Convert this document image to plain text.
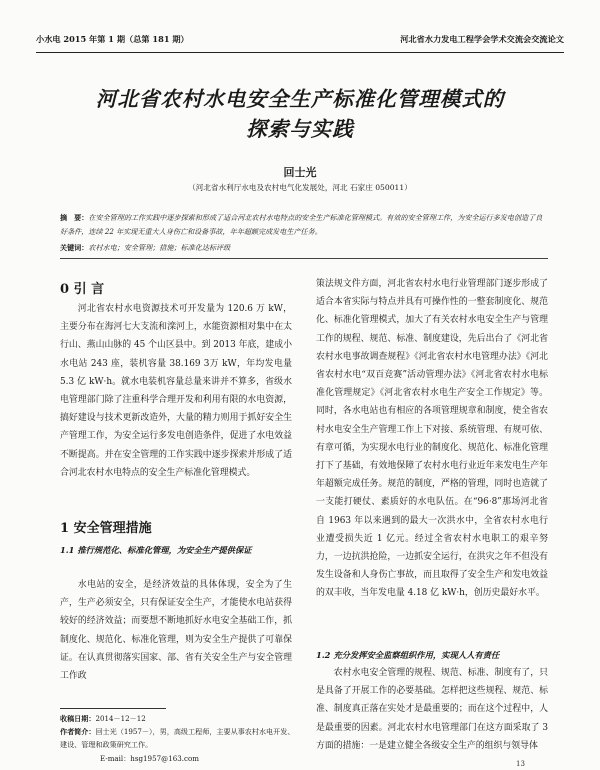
小水电 2015 年第 1 期（总第 181 期）	河北省水力发电工程学会学术交流会交流论文
河北省农村水电安全生产标准化管理模式的
探索与实践
回士光
（河北省水利厅水电及农村电气化发展处，河北 石家庄 050011）
摘　要：在安全管理的工作实践中逐步探索和形成了适合河北农村水电特点的安全生产标准化管理模式。有效的安全管理工作，为安全运行多发电创造了良好条件，连续 22 年实现无重大人身伤亡和设备事故，年年超额完成发电生产任务。
关键词：农村水电；安全管理；措施；标准化达标评级
0 引 言
河北省农村水电资源技术可开发量为 120.6 万 kW，主要分布在海河七大支流和滦河上，水能资源相对集中在太行山、燕山山脉的 45 个山区县中。到 2013 年底，建成小水电站 243 座，装机容量 38.169 3万 kW，年均发电量 5.3 亿 kW·h。就水电装机容量总量来讲并不算多，省级水电管理部门除了注重科学合理开发和利用有限的水电资源，搞好建设与技术更新改造外，大量的精力则用于抓好安全生产管理工作，为安全运行多发电创造条件，促进了水电效益不断提高。并在安全管理的工作实践中逐步探索并形成了适合河北农村水电特点的安全生产标准化管理模式。
1 安全管理措施
1.1 推行规范化、标准化管理，为安全生产提供保证
水电站的安全，是经济效益的具体体现，安全为了生产，生产必须安全，只有保证安全生产，才能使水电站获得较好的经济效益；而要想不断地抓好水电安全基础工作，抓制度化、规范化、标准化管理，则为安全生产提供了可靠保证。在认真贯彻落实国家、部、省有关安全生产与安全管理工作政
策法规文件方面，河北省农村水电行业管理部门逐步形成了适合本省实际与特点并具有可操作性的一整套制度化、规范化、标准化管理模式，加大了有关农村水电安全生产与管理工作的规程、规范、标准、制度建设，先后出台了《河北省农村水电事故调查规程》《河北省农村水电管理办法》《河北省农村水电“双百竞赛”活动管理办法》《河北省农村水电标准化管理规定》《河北省农村水电生产安全工作规定》等。同时，各水电站也有相应的各项管理规章和制度，使全省农村水电安全生产管理工作上下对接、系统管理、有规可依、有章可循，为实现水电行业的制度化、规范化、标准化管理打下了基础，有效地保障了农村水电行业近年来发电生产年年超额完成任务。规范的制度，严格的管理，同时也造就了一支能打硬仗、素质好的水电队伍。在“96·8”那场河北省自 1963 年以来遇到的最大一次洪水中，全省农村水电行业遭受损失近 1 亿元。经过全省农村水电职工的艰辛努力，一边抗洪抢险，一边抓安全运行，在洪灾之年不但没有发生设备和人身伤亡事故，而且取得了安全生产和发电效益的双丰收，当年发电量 4.18 亿 kW·h，创历史最好水平。
1.2 充分发挥安全监察组织作用，实现人人有责任
农村水电安全管理的规程、规范、标准、制度有了，只是具备了开展工作的必要基础。怎样把这些规程、规范、标准、制度真正落在实处才是最重要的；而在这个过程中，人是最重要的因素。河北农村水电管理部门在这方面采取了 3 方面的措施：一是建立健全各级安全生产的组织与领导体
收稿日期：2014－12－12
作者简介：回士光（1957－），男，高级工程师，主要从事农村水电开发、建设、管理和政策研究工作。
E-mail：hsg1957@163.com
13
